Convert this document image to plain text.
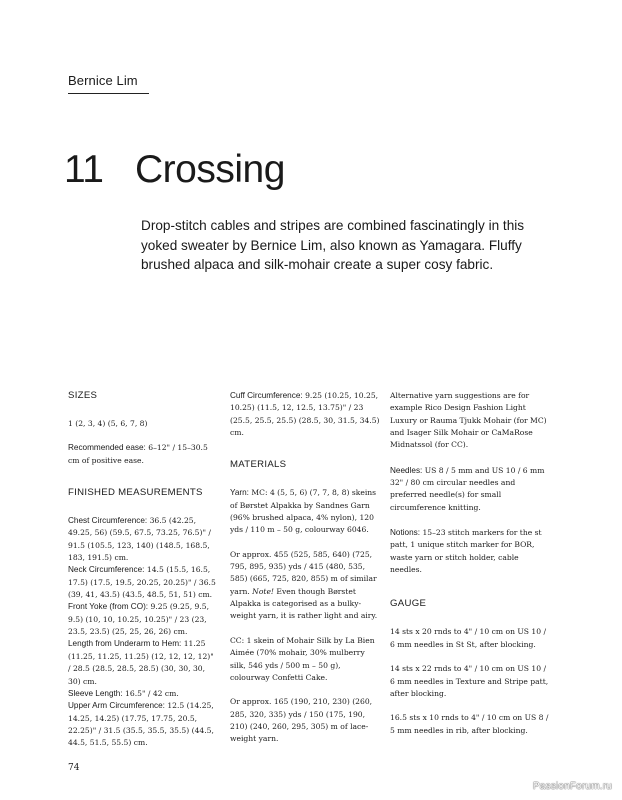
Bernice Lim
11 Crossing
Drop-stitch cables and stripes are combined fascinatingly in this yoked sweater by Bernice Lim, also known as Yamagara. Fluffy brushed alpaca and silk-mohair create a super cosy fabric.
SIZES
1 (2, 3, 4) (5, 6, 7, 8)
Recommended ease: 6–12" / 15–30.5 cm of positive ease.
FINISHED MEASUREMENTS
Chest Circumference: 36.5 (42.25, 49.25, 56) (59.5, 67.5, 73.25, 76.5)" / 91.5 (105.5, 123, 140) (148.5, 168.5, 183, 191.5) cm.
Neck Circumference: 14.5 (15.5, 16.5, 17.5) (17.5, 19.5, 20.25, 20.25)" / 36.5 (39, 41, 43.5) (43.5, 48.5, 51, 51) cm.
Front Yoke (from CO): 9.25 (9.25, 9.5, 9.5) (10, 10, 10.25, 10.25)" / 23 (23, 23.5, 23.5) (25, 25, 26, 26) cm.
Length from Underarm to Hem: 11.25 (11.25, 11.25, 11.25) (12, 12, 12, 12)" / 28.5 (28.5, 28.5, 28.5) (30, 30, 30, 30) cm.
Sleeve Length: 16.5" / 42 cm.
Upper Arm Circumference: 12.5 (14.25, 14.25, 14.25) (17.75, 17.75, 20.5, 22.25)" / 31.5 (35.5, 35.5, 35.5) (44.5, 44.5, 51.5, 55.5) cm.
Cuff Circumference: 9.25 (10.25, 10.25, 10.25) (11.5, 12, 12.5, 13.75)" / 23 (25.5, 25.5, 25.5) (28.5, 30, 31.5, 34.5) cm.
MATERIALS
Yarn: MC: 4 (5, 5, 6) (7, 7, 8, 8) skeins of Børstet Alpakka by Sandnes Garn (96% brushed alpaca, 4% nylon), 120 yds / 110 m – 50 g, colourway 6046.
Or approx. 455 (525, 585, 640) (725, 795, 895, 935) yds / 415 (480, 535, 585) (665, 725, 820, 855) m of similar yarn. Note! Even though Børstet Alpakka is categorised as a bulky-weight yarn, it is rather light and airy.
CC: 1 skein of Mohair Silk by La Bien Aimée (70% mohair, 30% mulberry silk, 546 yds / 500 m – 50 g), colourway Confetti Cake.
Or approx. 165 (190, 210, 230) (260, 285, 320, 335) yds / 150 (175, 190, 210) (240, 260, 295, 305) m of lace-weight yarn.
Alternative yarn suggestions are for example Rico Design Fashion Light Luxury or Rauma Tjukk Mohair (for MC) and Isager Silk Mohair or CaMaRose Midnatssol (for CC).
Needles: US 8 / 5 mm and US 10 / 6 mm 32" / 80 cm circular needles and preferred needle(s) for small circumference knitting.
Notions: 15–23 stitch markers for the st patt, 1 unique stitch marker for BOR, waste yarn or stitch holder, cable needles.
GAUGE
14 sts x 20 rnds to 4" / 10 cm on US 10 / 6 mm needles in St St, after blocking.
14 sts x 22 rnds to 4" / 10 cm on US 10 / 6 mm needles in Texture and Stripe patt, after blocking.
16.5 sts x 10 rnds to 4" / 10 cm on US 8 / 5 mm needles in rib, after blocking.
74
PassionForum.ru
